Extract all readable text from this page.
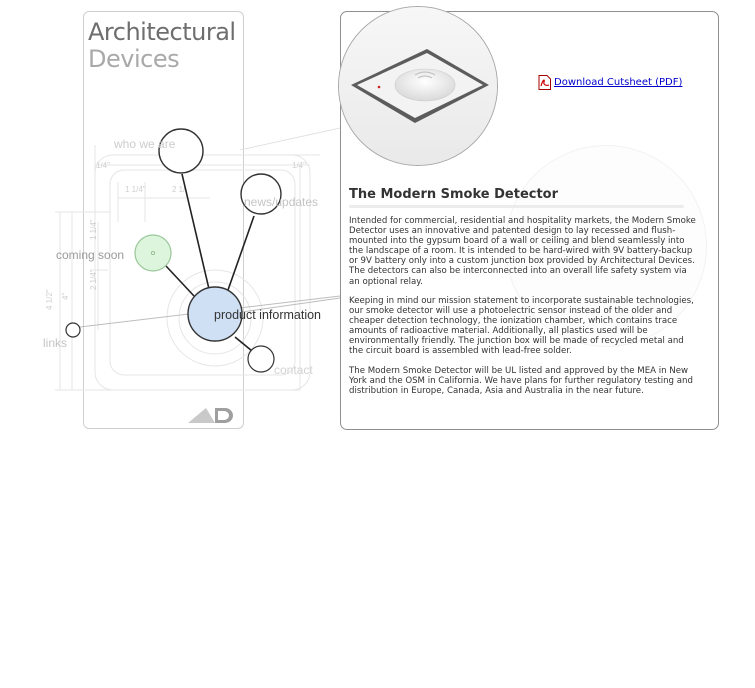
Architectural
Devices
1/4"	1/4"
1 1/4"	2 1/
1 1/4"
2 1/4"
4 1/2" 4"
who we are
news/updates
coming soon
product information
links
contact
Download Cutsheet (PDF)
The Modern Smoke Detector

Intended for commercial, residential and hospitality markets, the Modern Smoke Detector uses an innovative and patented design to lay recessed and flush-mounted into the gypsum board of a wall or ceiling and blend seamlessly into the landscape of a room. It is intended to be hard-wired with 9V battery-backup or 9V battery only into a custom junction box provided by Architectural Devices. The detectors can also be interconnected into an overall life safety system via an optional relay.

Keeping in mind our mission statement to incorporate sustainable technologies, our smoke detector will use a photoelectric sensor instead of the older and cheaper detection technology, the ionization chamber, which contains trace amounts of radioactive material. Additionally, all plastics used will be environmentally friendly. The junction box will be made of recycled metal and the circuit board is assembled with lead-free solder.

The Modern Smoke Detector will be UL listed and approved by the MEA in New York and the OSM in California. We have plans for further regulatory testing and distribution in Europe, Canada, Asia and Australia in the near future.
